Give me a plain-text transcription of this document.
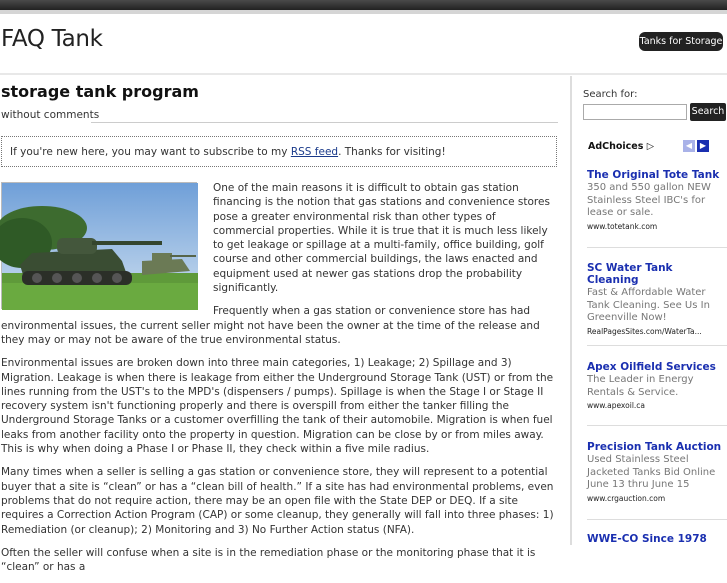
FAQ Tank	Tanks for Storage
storage tank program
without comments
If you're new here, you may want to subscribe to my RSS feed. Thanks for visiting!

One of the main reasons it is difficult to obtain gas station financing is the notion that gas stations and convenience stores pose a greater environmental risk than other types of commercial properties. While it is true that it is much less likely to get leakage or spillage at a multi-family, office building, golf course and other commercial buildings, the laws enacted and equipment used at newer gas stations drop the probability significantly.

Frequently when a gas station or convenience store has had environmental issues, the current seller might not have been the owner at the time of the release and they may or may not be aware of the true environmental status.

Environmental issues are broken down into three main categories, 1) Leakage; 2) Spillage and 3) Migration. Leakage is when there is leakage from either the Underground Storage Tank (UST) or from the lines running from the UST's to the MPD's (dispensers / pumps). Spillage is when the Stage I or Stage II recovery system isn't functioning properly and there is overspill from either the tanker filling the Underground Storage Tanks or a customer overfilling the tank of their automobile. Migration is when fuel leaks from another facility onto the property in question. Migration can be close by or from miles away. This is why when doing a Phase I or Phase II, they check within a five mile radius.

Many times when a seller is selling a gas station or convenience store, they will represent to a potential buyer that a site is “clean” or has a “clean bill of health.” If a site has had environmental problems, even problems that do not require action, there may be an open file with the State DEP or DEQ. If a site requires a Correction Action Program (CAP) or some cleanup, they generally will fall into three phases: 1) Remediation (or cleanup); 2) Monitoring and 3) No Further Action status (NFA).

Often the seller will confuse when a site is in the remediation phase or the monitoring phase that it is “clean” or has a

Search for:
Search
AdChoices ▷	◀ ▶
The Original Tote Tank
350 and 550 gallon NEW Stainless Steel IBC's for lease or sale.
www.totetank.com
SC Water Tank Cleaning
Fast & Affordable Water Tank Cleaning. See Us In Greenville Now!
RealPagesSites.com/WaterTa...
Apex Oilfield Services
The Leader in Energy Rentals & Service.
www.apexoil.ca
Precision Tank Auction
Used Stainless Steel Jacketed Tanks Bid Online June 13 thru June 15
www.crgauction.com
WWE-CO Since 1978
